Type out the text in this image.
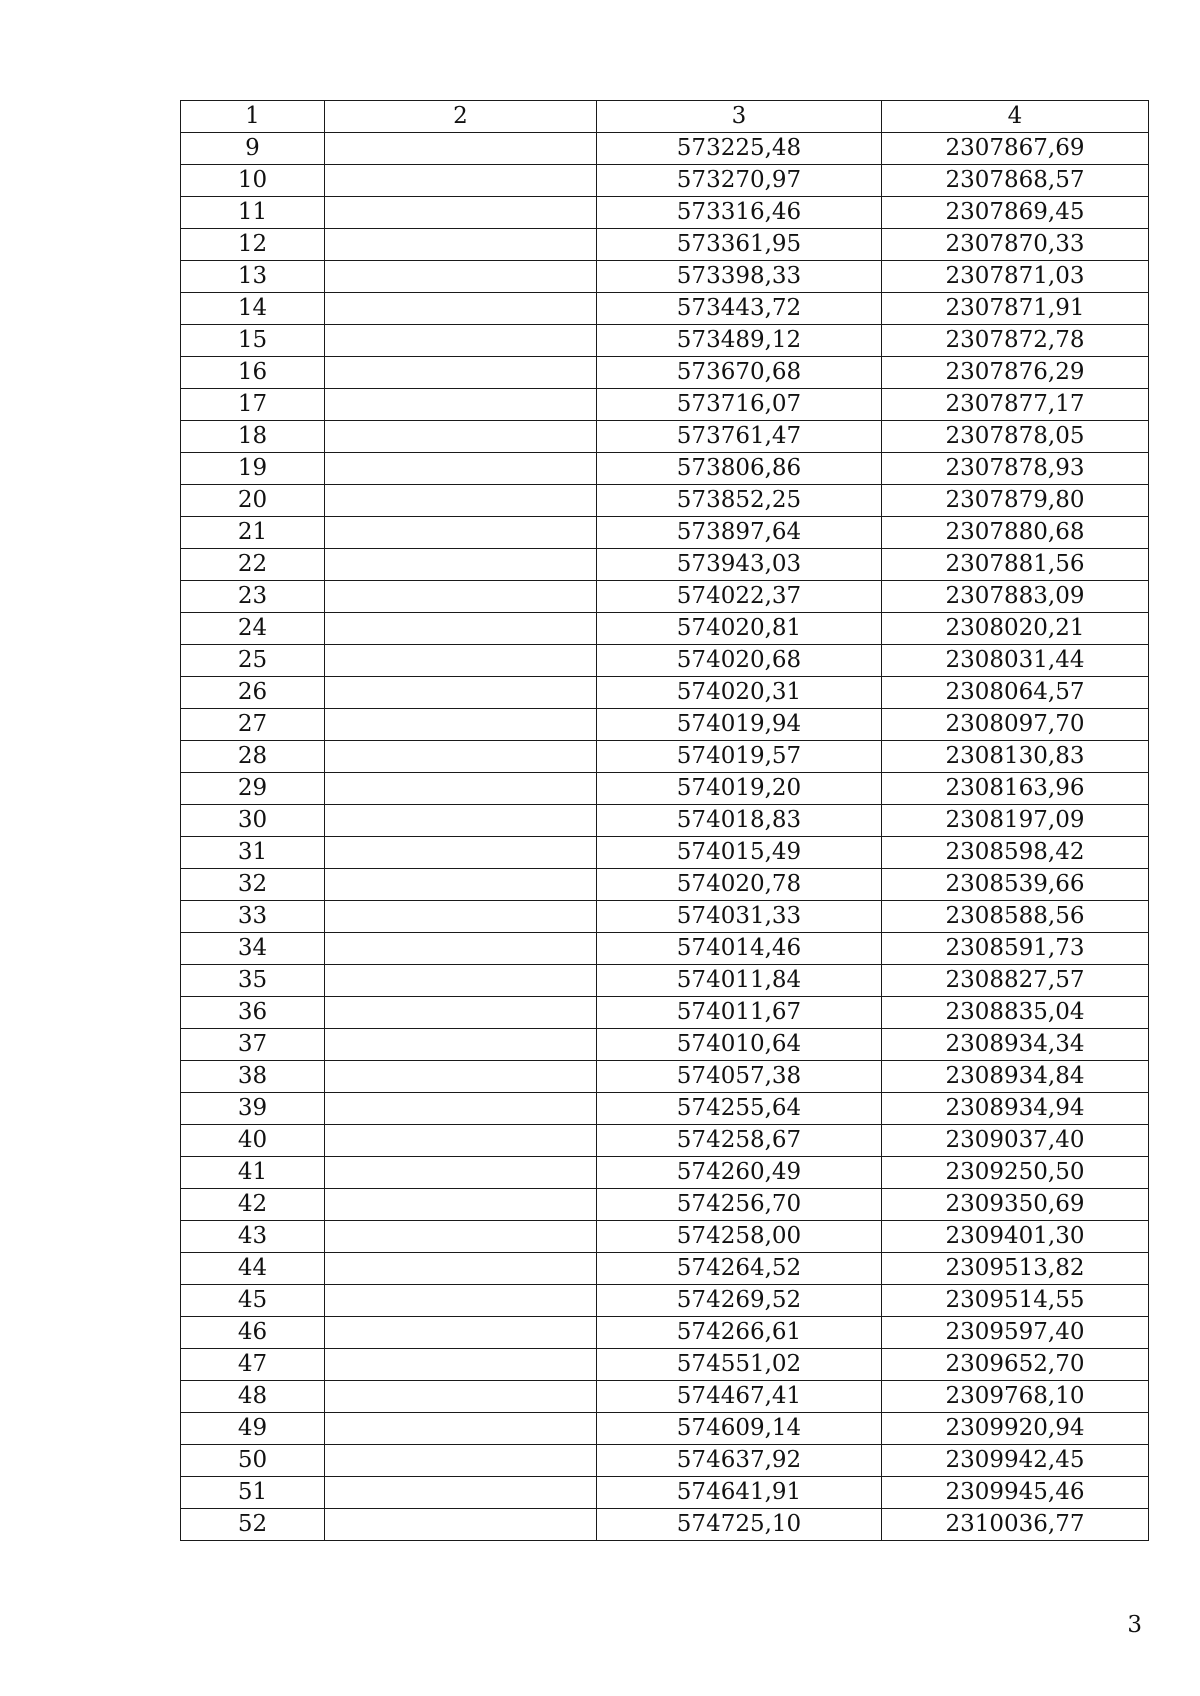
1	2	3	4
9		573225,48	2307867,69
10		573270,97	2307868,57
11		573316,46	2307869,45
12		573361,95	2307870,33
13		573398,33	2307871,03
14		573443,72	2307871,91
15		573489,12	2307872,78
16		573670,68	2307876,29
17		573716,07	2307877,17
18		573761,47	2307878,05
19		573806,86	2307878,93
20		573852,25	2307879,80
21		573897,64	2307880,68
22		573943,03	2307881,56
23		574022,37	2307883,09
24		574020,81	2308020,21
25		574020,68	2308031,44
26		574020,31	2308064,57
27		574019,94	2308097,70
28		574019,57	2308130,83
29		574019,20	2308163,96
30		574018,83	2308197,09
31		574015,49	2308598,42
32		574020,78	2308539,66
33		574031,33	2308588,56
34		574014,46	2308591,73
35		574011,84	2308827,57
36		574011,67	2308835,04
37		574010,64	2308934,34
38		574057,38	2308934,84
39		574255,64	2308934,94
40		574258,67	2309037,40
41		574260,49	2309250,50
42		574256,70	2309350,69
43		574258,00	2309401,30
44		574264,52	2309513,82
45		574269,52	2309514,55
46		574266,61	2309597,40
47		574551,02	2309652,70
48		574467,41	2309768,10
49		574609,14	2309920,94
50		574637,92	2309942,45
51		574641,91	2309945,46
52		574725,10	2310036,77
3
